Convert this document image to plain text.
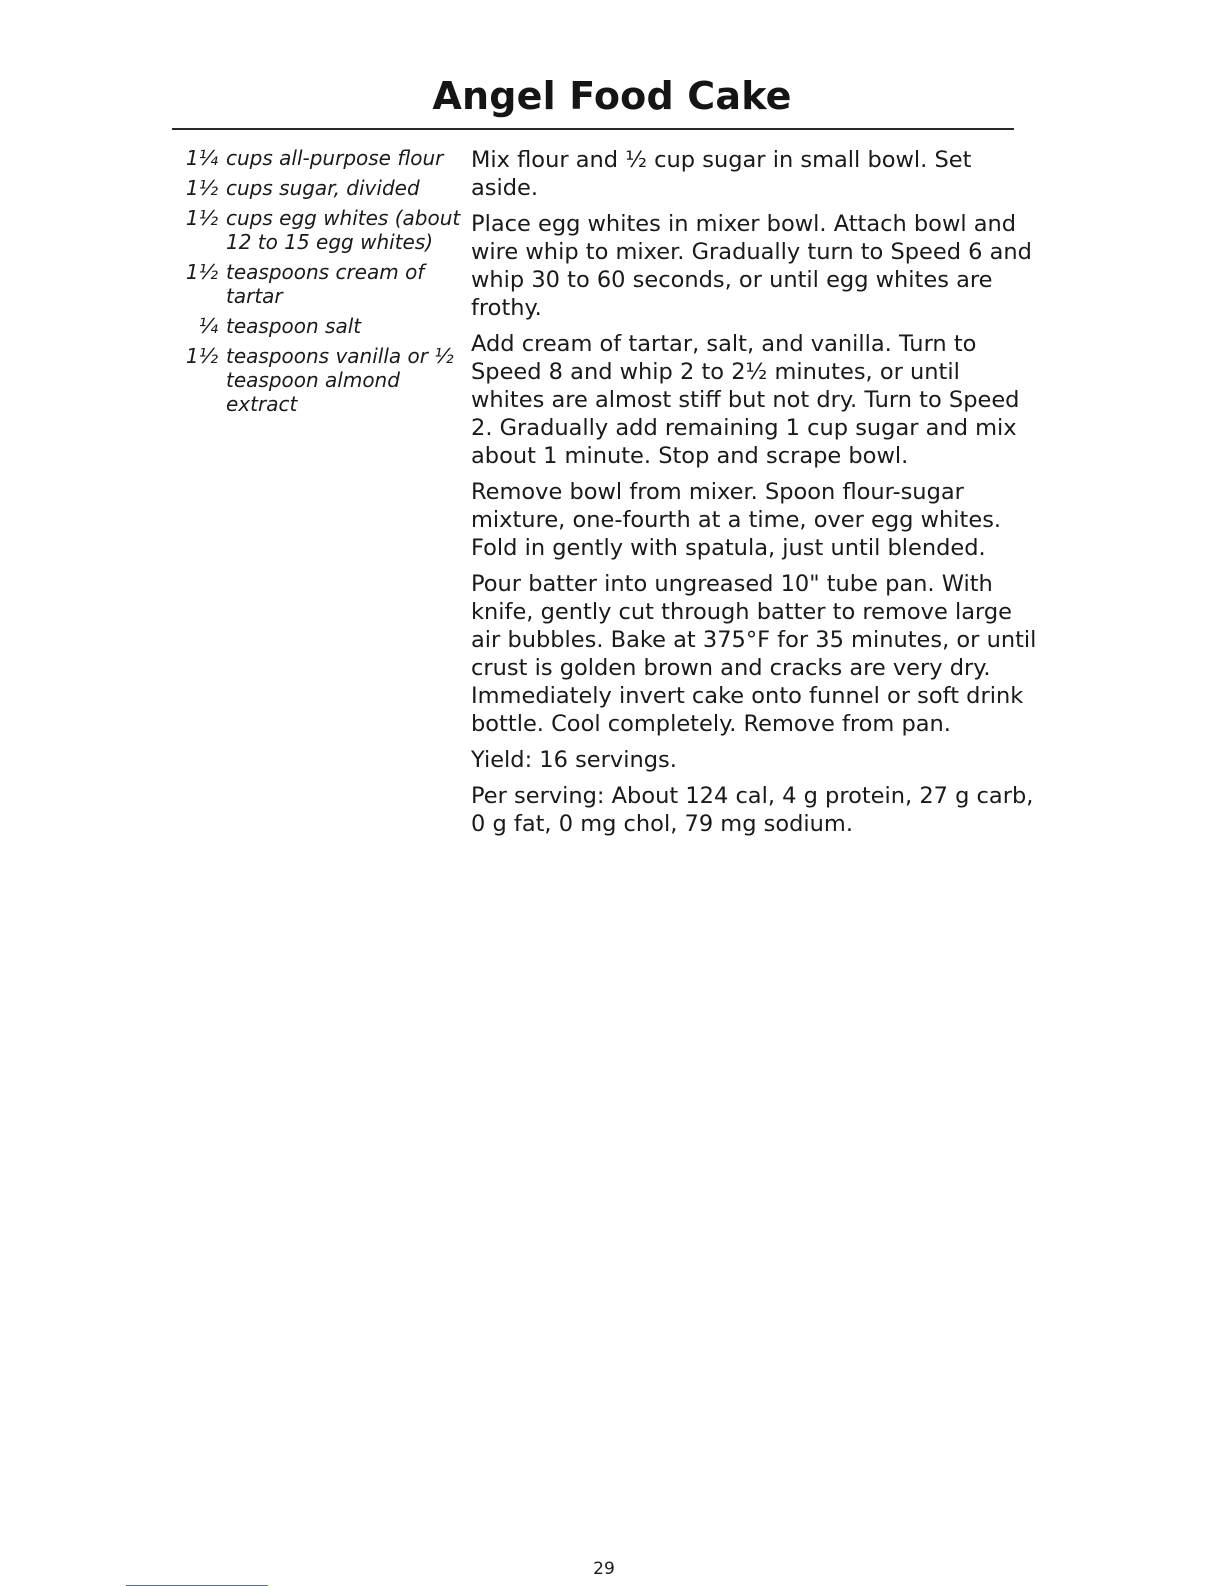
Angel Food Cake
1¼ cups all-purpose flour
1½ cups sugar, divided
1½ cups egg whites (about 12 to 15 egg whites)
1½ teaspoons cream of tartar
¼ teaspoon salt
1½ teaspoons vanilla or ½ teaspoon almond extract

Mix flour and ½ cup sugar in small bowl. Set aside.

Place egg whites in mixer bowl. Attach bowl and wire whip to mixer. Gradually turn to Speed 6 and whip 30 to 60 seconds, or until egg whites are frothy.

Add cream of tartar, salt, and vanilla. Turn to Speed 8 and whip 2 to 2½ minutes, or until whites are almost stiff but not dry. Turn to Speed 2. Gradually add remaining 1 cup sugar and mix about 1 minute. Stop and scrape bowl.

Remove bowl from mixer. Spoon flour-sugar mixture, one-fourth at a time, over egg whites. Fold in gently with spatula, just until blended.

Pour batter into ungreased 10" tube pan. With knife, gently cut through batter to remove large air bubbles. Bake at 375°F for 35 minutes, or until crust is golden brown and cracks are very dry. Immediately invert cake onto funnel or soft drink bottle. Cool completely. Remove from pan.

Yield: 16 servings.

Per serving: About 124 cal, 4 g protein, 27 g carb, 0 g fat, 0 mg chol, 79 mg sodium.

29
